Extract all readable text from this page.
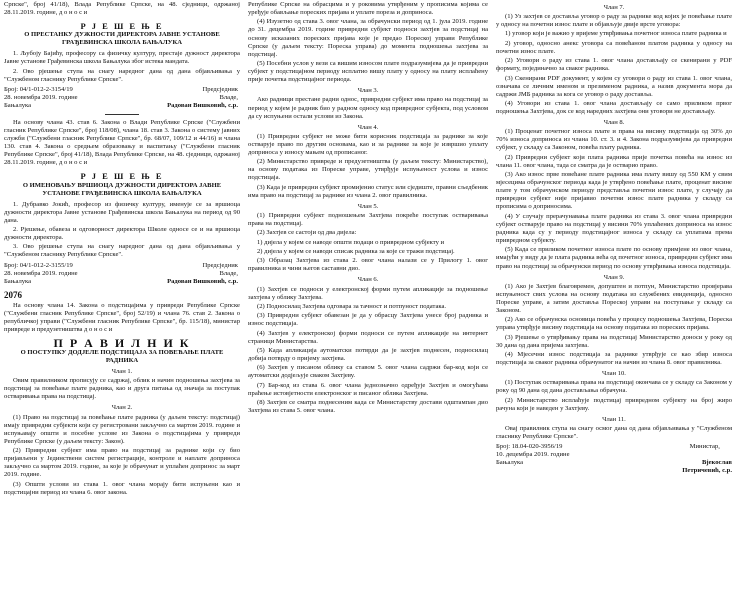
Српске", број 41/18), Влада Републике Српске, на 48. сједници, одржаној 28.11.2019. године, д о н о с и

Р Ј Е Ш Е Њ Е
О ПРЕСТАНКУ ДУЖНОСТИ ДИРЕКТОРА ЈАВНЕ УСТАНОВЕ ГРАЂЕВИНСКА ШКОЛА БАЊАЛУКА

1. Љубоју Бајићу, професору са физичку културу, престаје дужност директора Јавне установе Грађевинска школа Бањалука због истека мандата.

2. Ово рјешење ступа на снагу наредног дана од дана објављивања у "Службеном гласнику Републике Српске".

Број: 04/1-012-2-3154/19	Предсједник
28. новембра 2019. године	Владе,
Бањалука	Радован Вишковић, с.р.

На основу члана 43. став 6. Закона о Влади Републике Српске ("Службени гласник Републике Српске", број 118/08), члана 18. став 3. Закона о систему јавних служби ("Службени гласник Републике Српске", бр. 68/07, 109/12 и 44/16) и члана 130. став 4. Закона о средњем образовању и васпитању ("Службени гласник Републике Српске", број 41/18), Влада Републике Српске, на 48. сједници, одржаној 28.11.2019. године, д о н о с и

Р Ј Е Ш Е Њ Е
О ИМЕНОВАЊУ ВРШИОЦА ДУЖНОСТИ ДИРЕКТОРА ЈАВНЕ УСТАНОВЕ ГРАЂЕВИНСКА ШКОЛА БАЊАЛУКА

1. Дубравко Јокић, професор из физичку културу, именује се за вршиоца дужности директора Јавне установе Грађевинска школа Бањалука на период од 90 дана.

2. Рјешење, обавеза и одговорност директора Школе односе се и на вршиоца дужности директора.

3. Ово рјешење ступа на снагу наредног дана од дана објављивања у "Службеном гласнику Републике Српске".

Број: 04/1-012-2-3155/19	Предсједник
28. новембра 2019. године	Владе,
Бањалука	Радован Вишковић, с.р.
2076

На основу члана 14. Закона о подстицајима у привреди Републике Српске ("Службени гласник Републике Српске", број 52/19) и члана 76. став 2. Закона о републичкој управи ("Службени гласник Републике Српске", бр. 115/18), министар привреде и предузетништва д о н о с и

П Р А В И Л Н И К
О ПОСТУПКУ ДОДЈЕЛЕ ПОДСТИЦАЈА ЗА ПОВЕЋАЊЕ ПЛАТЕ РАДНИКА
Члан 1.

Овим правилником прописују се садржај, облик и начин подношења захтјева за подстицај за повећање плате радника, као и друга питања од значаја за поступак остваривања права на подстицај.

Члан 2.

(1) Право на подстицај за повећање плате радника (у даљем тексту: подстицај) имају привредни субјекти који су регистровани закључно са мартом 2019. године и испуњавају општи и посебне услове из Закона о подстицајима у привреди Републике Српске (у даљем тексту: Закон).

(2) Привредни субјект има право на подстицај за раднике који су био пријављени у Јединствени систем регистрације, контроле и наплате доприноса закључно са мартом 2019. године, за које је обрачунат и уплаћен допринос за март 2019. године.

(3) Општи услови из става 1. овог члана морају бити испуњени као и подстицајни период из члана 6. овог закона.

Републике Српске на обрасцима и у роковима утврђеним у прописима којима се уређује обављање пореских пријава и уплате пореза и доприноса.

(4) Изузетно од става 3. овог члана, за обрачунски период од 1. јула 2019. године до 31. децембра 2019. године привредни субјект подноси захтјев за подстицај на основу исказаних пореских пријава које је предао Пореској управи Републике Српске (у даљем тексту: Пореска управа) до момента подношења захтјева за подстицај.

(5) Посебни услов у вези са вишим износом плате подразумијева да је привредни субјект у подстицајном периоду исплатио вишу плату у односу на плату исплаћену прије почетка подстицајног периода.

Члан 3.

Ако радници престане радни однос, привредни субјект има право на подстицај за период у којем је радник био у радном односу код привредног субјекта, под условом да су испуњени остали услови из Закона.

Члан 4.

(1) Привредни субјект не може бити корисник подстицаја за раднике за које остварује право по другим основама, као и за раднике за које је извршио уплату доприноса у износу мањем од прописаног.

(2) Министарство привреде и предузетништва (у даљем тексту: Министарство), на основу података из Пореске управе, утврђује испуњеност услова и износ подстицаја.

(3) Када је привредни субјект промијенио статус или сједиште, правни сљедбеник има право на подстицај за раднике из члана 2. овог правилника.

Члан 5.

(1) Привредни субјект подношењем Захтјева покреће поступак остваривања права на подстицај.

(2) Захтјев се састоји од два дијела:

1) дијела у којем се наводе општи подаци о привредном субјекту и

2) дијела у којем се наводи списак радника за које се тражи подстицај.

(3) Образац Захтјева из става 2. овог члана налази се у Прилогу 1. овог правилника и чини његов саставни дио.

Члан 6.

(1) Захтјев се подноси у електронској форми путем апликације за подношење захтјева у облику Захтјева.

(2) Подносилац Захтјева одговара за тачност и потпуност података.

(3) Привредни субјект обавезан је да у обрасцу Захтјева унесе број радника и износ подстицаја.

(4) Захтјев у електронској форми подноси се путем апликације на интернет страници Министарства.

(5) Када апликација аутоматски потврди да је захтјев поднесен, подносилац добија потврду о пријему захтјева.

(6) Захтјев у писаном облику са ставом 5. овог члана садржи бар-код који се аутоматски додјељује сваком Захтјеву.

(7) Бар-код из става 6. овог члана једнозначно одређује Захтјев и омогућава праћење истовјетности електронског и писаног облика Захтјева.

(8) Захтјев се сматра поднесеним када се Министарству достави одштампан дио Захтјева из става 5. овог члана.

Члан 7.

(1) Уз захтјев се доставља уговор о раду за раднике код којих је повећање плате у односу на почетни износ плате и објављује двије врсте уговора:

1) уговор који је важио у вријеме утврђивања почетног износа плате радника и

2) уговор, односно анекс уговора са повећаном платом радника у односу на почетни износ плате.

(2) Уговори о раду из става 1. овог члана достављају се скенирани у PDF формату, појединачно за сваког радника.

(3) Скенирани PDF документ, у којем су уговори о раду из става 1. овог члана, означава се личним именом и презименом радника, а назив документа мора да садржи ЈМБ радника за кога се уговор о раду доставља.

(4) Уговори из става 1. овог члана достављају се само приликом првог подношења Захтјева, док се код наредних захтјева они уговори не достављају.

Члан 8.

(1) Проценат почетног износа плате и права на висину подстицаја од 30% до 70% износа доприноса из члана 10. ст. 3. и 4. Закона подразумијева да привредни субјект, у складу са Законом, повећа плату радника.

(2) Привредни субјект који плата радника прије почетка повећа на износ из члана 11. овог члана, тада се сматра да је остварио право.

(3) Ако износ прве повећане плате радника има плату вишу од 550 КМ у свим мјесецима обрачунског периода када је утврђено повећање плате, проценат висине плате у том обрачунском периоду представља почетни износ плате, у случају да привредни субјект није пријавио почетни износ плате радника у складу са прописима о доприносима.

(4) У случају прерачунавања плате радника из става 3. овог члана привредни субјект остварује право на подстицај у висини 70% уплаћених доприноса на износ радника када су у периоду подстицајног износа у складу са уплатама према привредном субјекту.

(5) Када се приликом почетног износа плате по основу примјене из овог члана, имајући у виду да је плата радника већа од почетног износа, привредни субјект има право на подстицај за обрачунски период по основу утврђивања износа подстицаја.

Члан 9.

(1) Ако је Захтјев благовремен, допуштен и потпун, Министарство провјерава испуњеност свих услова на основу података из службених евиденција, односно Пореске управе, а затим доставља Пореској управи на поступање у складу са Законом.

(2) Ако се обрачунска основица повећа у процесу подношења Захтјева, Пореска управа утврђује висину подстицаја на основу података из пореских пријава.

(3) Рјешење о утврђивању права на подстицај Министарство доноси у року од 30 дана од дана пријема захтјева.

(4) Мјесечни износ подстицаја за раднике утврђује се као збир износа подстицаја за сваког радника обрачунатог на начин из члана 8. овог правилника.

Члан 10.

(1) Поступак остваривања права на подстицај окончава се у складу са Законом у року од 90 дана од дана достављања обрачуна.

(2) Министарство исплаћује подстицај привредном субјекту на број жиро рачуна који је наведен у Захтјеву.

Члан 11.

Овај правилник ступа на снагу осмог дана од дана објављивања у "Службеном гласнику Републике Српске".

Број: 18.04-020-3956/19	Министар,
10. децембра 2019. године
Бањалука	Вјекослав Петричевић, с.р.
